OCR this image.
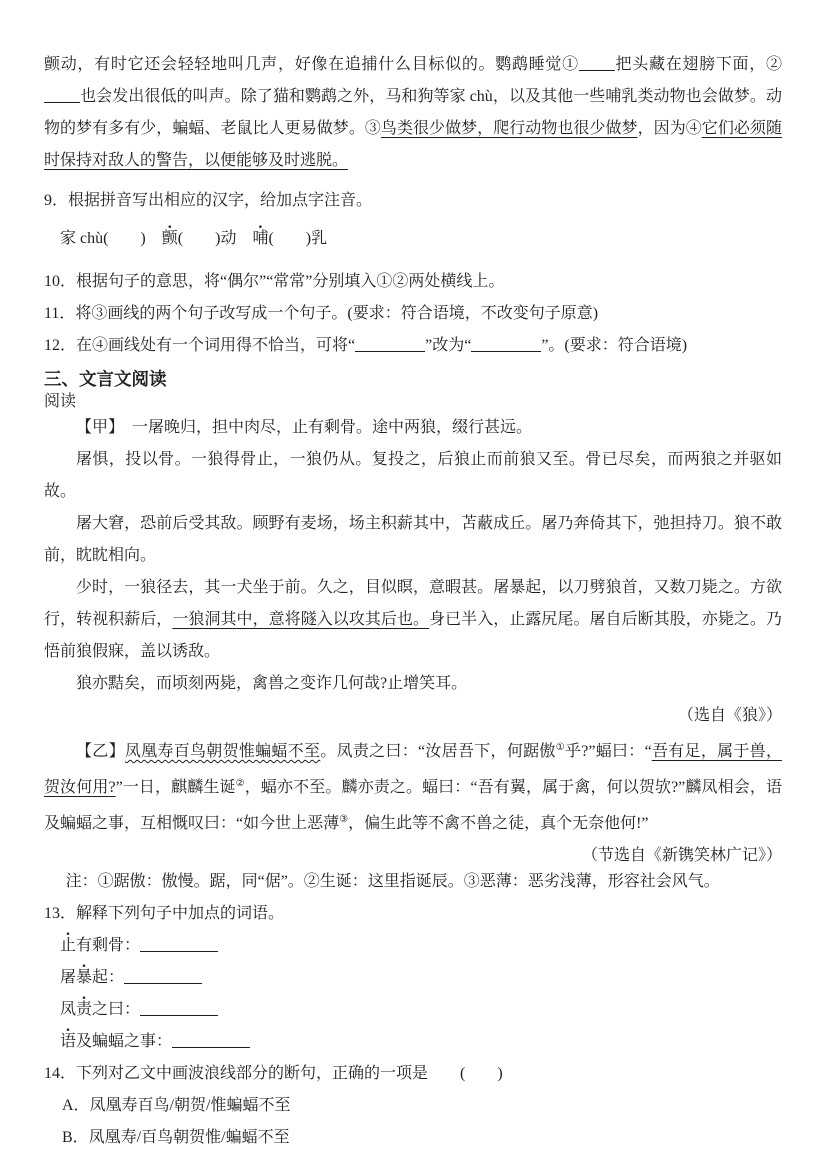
颤动，有时它还会轻轻地叫几声，好像在追捕什么目标似的。鹦鹉睡觉① 把头藏在翅膀下面，②也会发出很低的叫声。除了猫和鹦鹉之外，马和狗等家 chù，以及其他一些哺乳类动物也会做梦。动物的梦有多有少，蝙蝠、老鼠比人更易做梦。③鸟类很少做梦，爬行动物也很少做梦，因为④它们必须随时保持对敌人的警告，以便能够及时逃脱。
9．根据拼音写出相应的汉字，给加点字注音。
家 chù(　　)　颤(　　)动　哺(　　)乳
10．根据句子的意思，将“偶尔”“常常”分别填入①②两处横线上。
11．将③画线的两个句子改写成一个句子。(要求：符合语境，不改变句子原意)
12．在④画线处有一个词用得不恰当，可将“	”改为“	”。(要求：符合语境)
三、文言文阅读
阅读
【甲】　一屠晚归，担中肉尽，止有剩骨。途中两狼，缀行甚远。
屠惧，投以骨。一狼得骨止，一狼仍从。复投之，后狼止而前狼又至。骨已尽矣，而两狼之并驱如故。
屠大窘，恐前后受其敌。顾野有麦场，场主积薪其中，苫蔽成丘。屠乃奔倚其下，弛担持刀。狼不敢前，眈眈相向。
少时，一狼径去，其一犬坐于前。久之，目似瞑，意暇甚。屠暴起，以刀劈狼首，又数刀毙之。方欲行，转视积薪后，一狼洞其中，意将隧入以攻其后也。身已半入，止露尻尾。屠自后断其股，亦毙之。乃悟前狼假寐，盖以诱敌。
狼亦黠矣，而顷刻两毙，禽兽之变诈几何哉?止增笑耳。
（选自《狼》）
【乙】凤凰寿百鸟朝贺惟蝙蝠不至。凤责之曰：“汝居吾下，何踞傲①乎?”蝠曰：“吾有足，属于兽，贺汝何用?”一日，麒麟生诞②，蝠亦不至。麟亦责之。蝠曰：“吾有翼，属于禽，何以贺欤?”麟凤相会，语及蝙蝠之事，互相慨叹曰：“如今世上恶薄③，偏生此等不禽不兽之徒，真个无奈他何!”
（节选自《新镌笑林广记》）
注：①踞傲：傲慢。踞，同“倨”。②生诞：这里指诞辰。③恶薄：恶劣浅薄，形容社会风气。
13．解释下列句子中加点的词语。
止有剩骨：
屠暴起：
凤责之曰：
语及蝙蝠之事：
14．下列对乙文中画波浪线部分的断句，正确的一项是　　(　　)
A．凤凰寿百鸟/朝贺/惟蝙蝠不至
B．凤凰寿/百鸟朝贺惟/蝙蝠不至
